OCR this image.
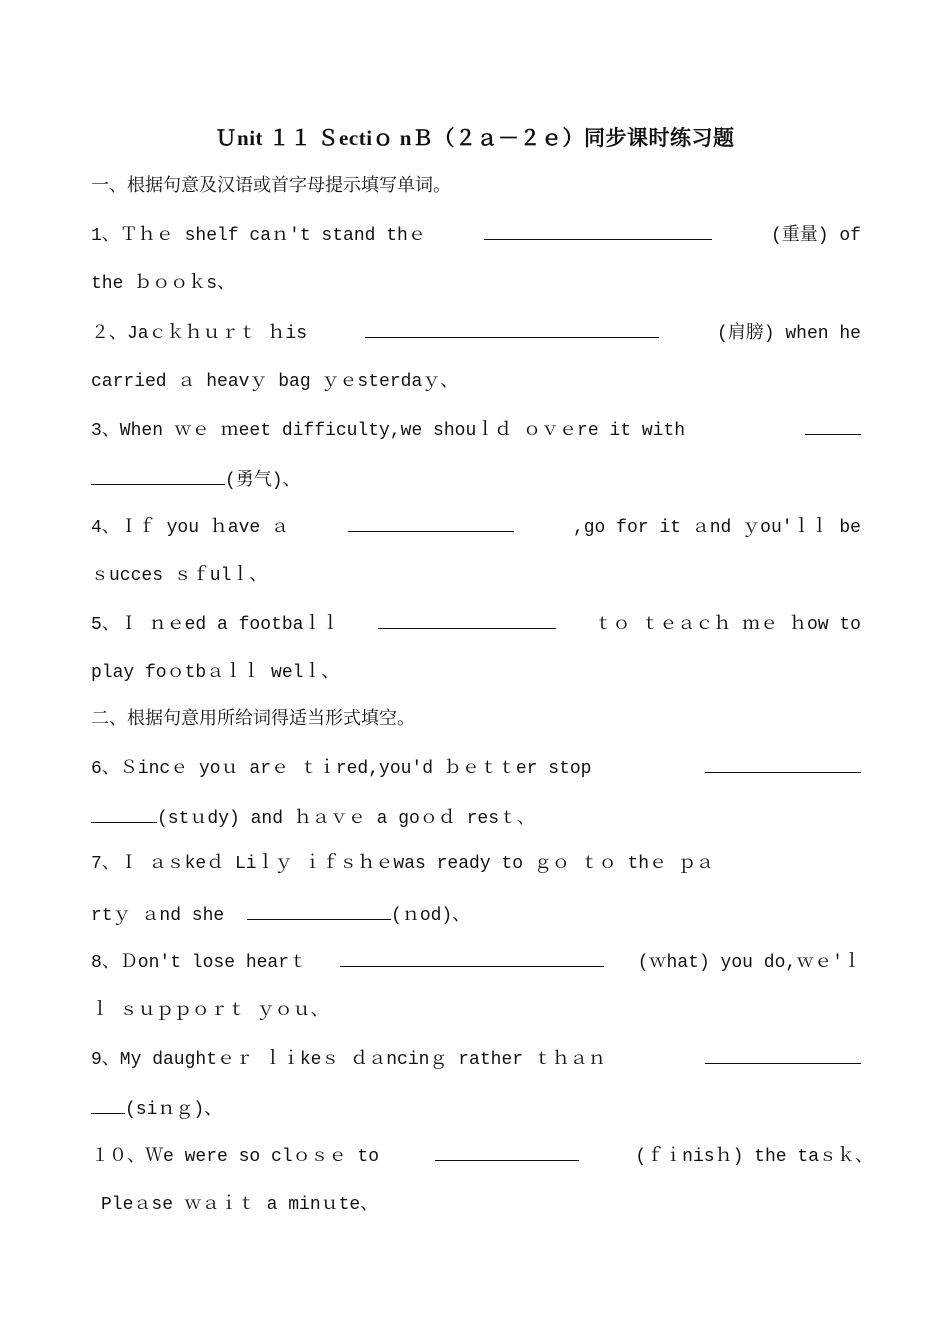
Ｕnit １１ Ｓectiｏ nＢ（２ａ－２ｅ）同步课时练习题
一、根据句意及汉语或首字母提示填写单词。
1、Ｔｈｅ shelf caｎ't stand thｅ	(重量) of
the ｂｏｏｋs、
２、Jaｃｋｈｕｒｔ ｈis	(肩膀) when he
carried ａ heavｙ bag ｙｅsterdaｙ、
3、When ｗｅ ｍeet difficulty,we shouｌｄ ｏｖｅre it with
(勇气)、
4、Ｉｆ you ｈave ａ	,go for it ａnd ｙou'ｌｌ be
ｓucces ｓｆulｌ、
5、Ｉ ｎｅed a footbaｌｌ	ｔｏ ｔｅａｃｈ ｍｅ ｈow to
play foｏtbａｌｌ welｌ、
二、根据句意用所给词得适当形式填空。
6、Ｓincｅ yoｕ arｅ ｔｉred,you'd ｂｅｔｔer stop
(stｕdy) and ｈａｖｅ a goｏｄ resｔ、
7、Ｉ ａｓkeｄ Liｌｙ ｉｆｓｈｅwas ready to ｇｏ ｔｏ thｅ ｐａ
rtｙ ａnd she	(ｎod)、
8、Ｄon't lose hearｔ	(ｗhat) you do,ｗｅ'ｌ
ｌ ｓｕｐｐｏｒｔ ｙｏｕ、
9、My daughtｅｒ ｌｉkeｓ ｄａncinｇ rather ｔｈａｎ
(siｎｇ)、
１０、Ｗe were so clｏｓｅ to	(ｆｉnisｈ) the taｓｋ、
Pleａse ｗａｉｔ a minｕte、
